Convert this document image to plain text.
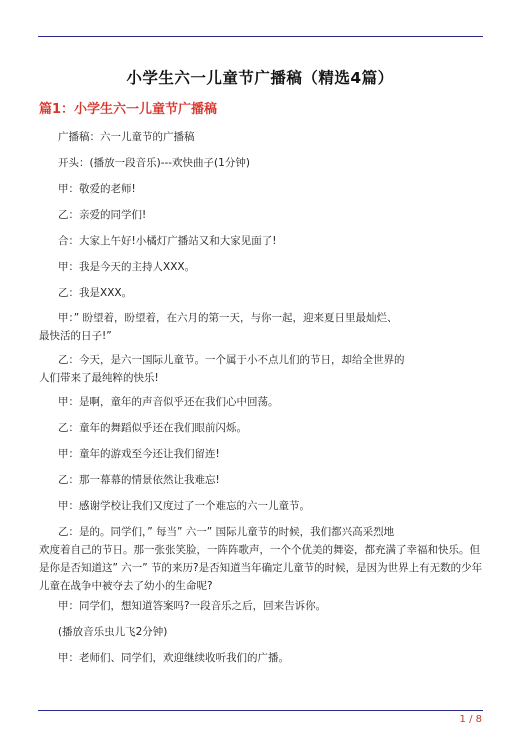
小学生六一儿童节广播稿（精选4篇）
篇1：小学生六一儿童节广播稿
广播稿：六一儿童节的广播稿
开头：(播放一段音乐)---欢快曲子(1分钟)
甲：敬爱的老师!
乙：亲爱的同学们!
合：大家上午好!小橘灯广播站又和大家见面了!
甲：我是今天的主持人XXX。
乙：我是XXX。
甲：” 盼望着，盼望着，在六月的第一天，与你一起，迎来夏日里最灿烂、
最快活的日子!”
乙：今天，是六一国际儿童节。一个属于小不点儿们的节日，却给全世界的
人们带来了最纯粹的快乐!
甲：是啊，童年的声音似乎还在我们心中回荡。
乙：童年的舞蹈似乎还在我们眼前闪烁。
甲：童年的游戏至今还让我们留连!
乙：那一幕幕的情景依然让我难忘!
甲：感谢学校让我们又度过了一个难忘的六一儿童节。
乙：是的。同学们，” 每当” 六一” 国际儿童节的时候，我们都兴高采烈地
欢度着自己的节日。那一张张笑脸，一阵阵歌声，一个个优美的舞姿，都充满了幸福和快乐。但
是你是否知道这” 六一” 节的来历?是否知道当年确定儿童节的时候，是因为世界上有无数的少年
儿童在战争中被夺去了幼小的生命呢?
甲：同学们，想知道答案吗?一段音乐之后，回来告诉你。
(播放音乐虫儿飞2分钟)
甲：老师们、同学们，欢迎继续收听我们的广播。
1 / 8
